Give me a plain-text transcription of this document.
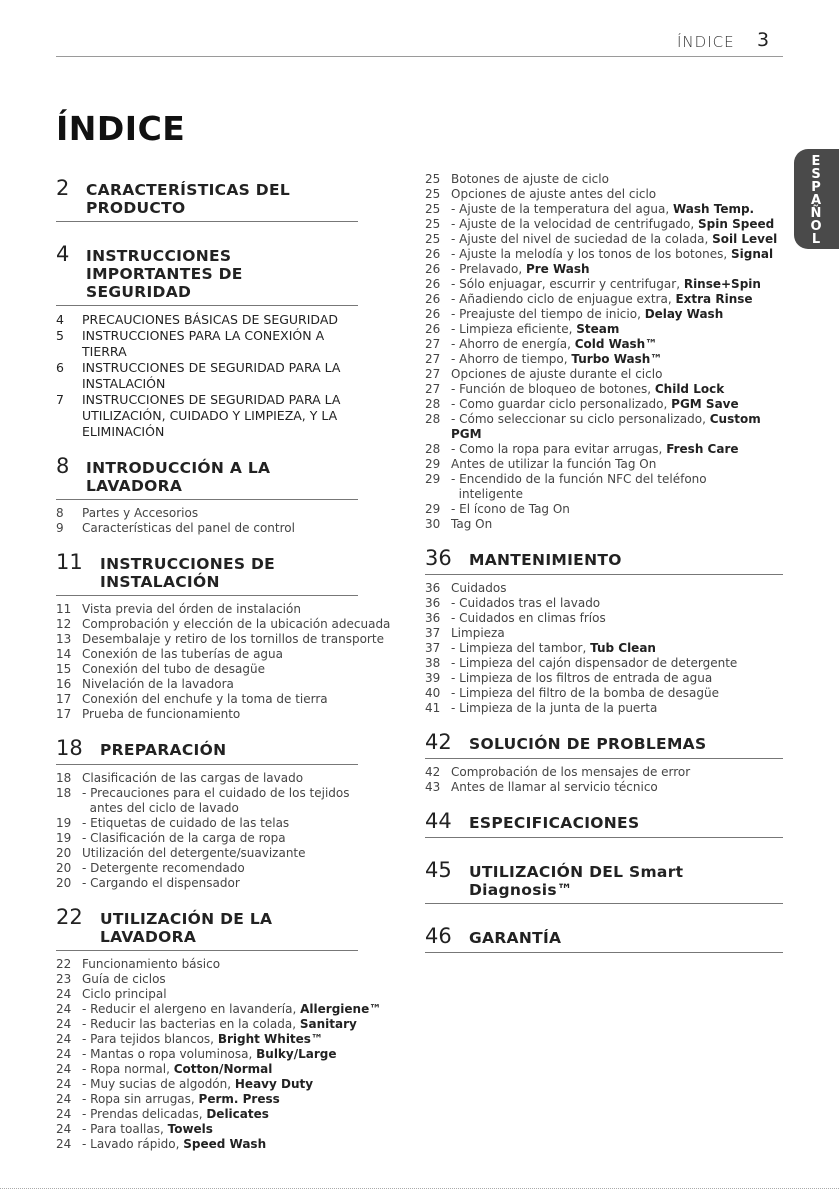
ÍNDICE 3
ÍNDICE
ESPAÑOL
2	CARACTERÍSTICAS DEL PRODUCTO
4	INSTRUCCIONES IMPORTANTES DE
SEGURIDAD
4	PRECAUCIONES BÁSICAS DE SEGURIDAD
5	INSTRUCCIONES PARA LA CONEXIÓN A
TIERRA
6	INSTRUCCIONES DE SEGURIDAD PARA LA
INSTALACIÓN
7	INSTRUCCIONES DE SEGURIDAD PARA LA
UTILIZACIÓN, CUIDADO Y LIMPIEZA, Y LA
ELIMINACIÓN
8	INTRODUCCIÓN A LA LAVADORA
8	Partes y Accesorios
9	Características del panel de control
11	INSTRUCCIONES DE INSTALACIÓN
11 Vista previa del órden de instalación
12 Comprobación y elección de la ubicación adecuada
13 Desembalaje y retiro de los tornillos de transporte
14 Conexión de las tuberías de agua
15 Conexión del tubo de desagüe
16 Nivelación de la lavadora
17 Conexión del enchufe y la toma de tierra
17 Prueba de funcionamiento
18	PREPARACIÓN
18 Clasificación de las cargas de lavado
18 - Precauciones para el cuidado de los tejidos
antes del ciclo de lavado
19 - Etiquetas de cuidado de las telas
19 - Clasificación de la carga de ropa
20 Utilización del detergente/suavizante
20 - Detergente recomendado
20 - Cargando el dispensador
22	UTILIZACIÓN DE LA LAVADORA
22 Funcionamiento básico
23 Guía de ciclos
24 Ciclo principal
24 - Reducir el alergeno en lavandería, Allergiene™
24 - Reducir las bacterias en la colada, Sanitary
24 - Para tejidos blancos, Bright Whites™
24 - Mantas o ropa voluminosa, Bulky/Large
24 - Ropa normal, Cotton/Normal
24 - Muy sucias de algodón, Heavy Duty
24 - Ropa sin arrugas, Perm. Press
24 - Prendas delicadas, Delicates
24 - Para toallas, Towels
24 - Lavado rápido, Speed Wash
25 Botones de ajuste de ciclo
25 Opciones de ajuste antes del ciclo
25 - Ajuste de la temperatura del agua, Wash Temp.
25 - Ajuste de la velocidad de centrifugado, Spin Speed
25 - Ajuste del nivel de suciedad de la colada, Soil Level
26 - Ajuste la melodía y los tonos de los botones, Signal
26 - Prelavado, Pre Wash
26 - Sólo enjuagar, escurrir y centrifugar, Rinse+Spin
26 - Añadiendo ciclo de enjuague extra, Extra Rinse
26 - Preajuste del tiempo de inicio, Delay Wash
26 - Limpieza eficiente, Steam
27 - Ahorro de energía, Cold Wash™
27 - Ahorro de tiempo, Turbo Wash™
27 Opciones de ajuste durante el ciclo
27 - Función de bloqueo de botones, Child Lock
28 - Como guardar ciclo personalizado, PGM Save
28 - Cómo seleccionar su ciclo personalizado, Custom PGM
28 - Como la ropa para evitar arrugas, Fresh Care
29 Antes de utilizar la función Tag On
29 - Encendido de la función NFC del teléfono
inteligente
29 - El ícono de Tag On
30 Tag On
36	MANTENIMIENTO
36 Cuidados
36 - Cuidados tras el lavado
36 - Cuidados en climas fríos
37 Limpieza
37 - Limpieza del tambor, Tub Clean
38 - Limpieza del cajón dispensador de detergente
39 - Limpieza de los filtros de entrada de agua
40 - Limpieza del filtro de la bomba de desagüe
41 - Limpieza de la junta de la puerta
42	SOLUCIÓN DE PROBLEMAS
42 Comprobación de los mensajes de error
43 Antes de llamar al servicio técnico
44	ESPECIFICACIONES
45	UTILIZACIÓN DEL Smart Diagnosis™
46	GARANTÍA
